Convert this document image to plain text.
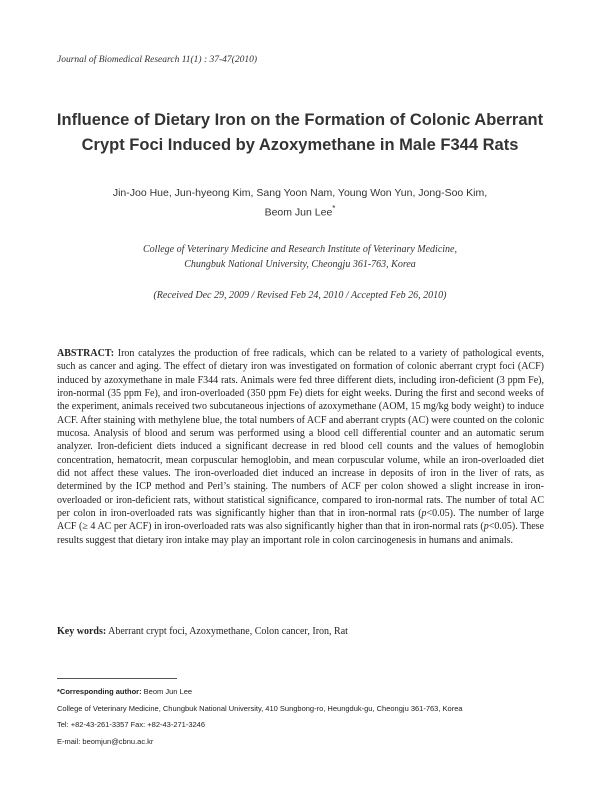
Journal of Biomedical Research 11(1) : 37-47(2010)
Influence of Dietary Iron on the Formation of Colonic Aberrant
Crypt Foci Induced by Azoxymethane in Male F344 Rats
Jin-Joo Hue, Jun-hyeong Kim, Sang Yoon Nam, Young Won Yun, Jong-Soo Kim,
Beom Jun Lee*
College of Veterinary Medicine and Research Institute of Veterinary Medicine,
Chungbuk National University, Cheongju 361-763, Korea
(Received Dec 29, 2009 / Revised Feb 24, 2010 / Accepted Feb 26, 2010)
ABSTRACT: Iron catalyzes the production of free radicals, which can be related to a variety of pathological events, such as cancer and aging. The effect of dietary iron was investigated on formation of colonic aberrant crypt foci (ACF) induced by azoxymethane in male F344 rats. Animals were fed three different diets, including iron-deficient (3 ppm Fe), iron-normal (35 ppm Fe), and iron-overloaded (350 ppm Fe) diets for eight weeks. During the first and second weeks of the experiment, animals received two subcutaneous injections of azoxymethane (AOM, 15 mg/kg body weight) to induce ACF. After staining with methylene blue, the total numbers of ACF and aberrant crypts (AC) were counted on the colonic mucosa. Analysis of blood and serum was performed using a blood cell differential counter and an automatic serum analyzer. Iron-deficient diets induced a significant decrease in red blood cell counts and the values of hemoglobin concentration, hematocrit, mean corpuscular hemoglobin, and mean corpuscular volume, while an iron-overloaded diet did not affect these values. The iron-overloaded diet induced an increase in deposits of iron in the liver of rats, as determined by the ICP method and Perl’s staining. The numbers of ACF per colon showed a slight increase in iron-overloaded or iron-deficient rats, without statistical significance, compared to iron-normal rats. The number of total AC per colon in iron-overloaded rats was significantly higher than that in iron-normal rats (p<0.05). The number of large ACF (≥ 4 AC per ACF) in iron-overloaded rats was also significantly higher than that in iron-normal rats (p<0.05). These results suggest that dietary iron intake may play an important role in colon carcinogenesis in humans and animals.
Key words: Aberrant crypt foci, Azoxymethane, Colon cancer, Iron, Rat
*Corresponding author: Beom Jun Lee
College of Veterinary Medicine, Chungbuk National University, 410 Sungbong-ro, Heungduk-gu, Cheongju 361-763, Korea
Tel: +82-43-261-3357 Fax: +82-43-271-3246
E-mail: beomjun@cbnu.ac.kr
